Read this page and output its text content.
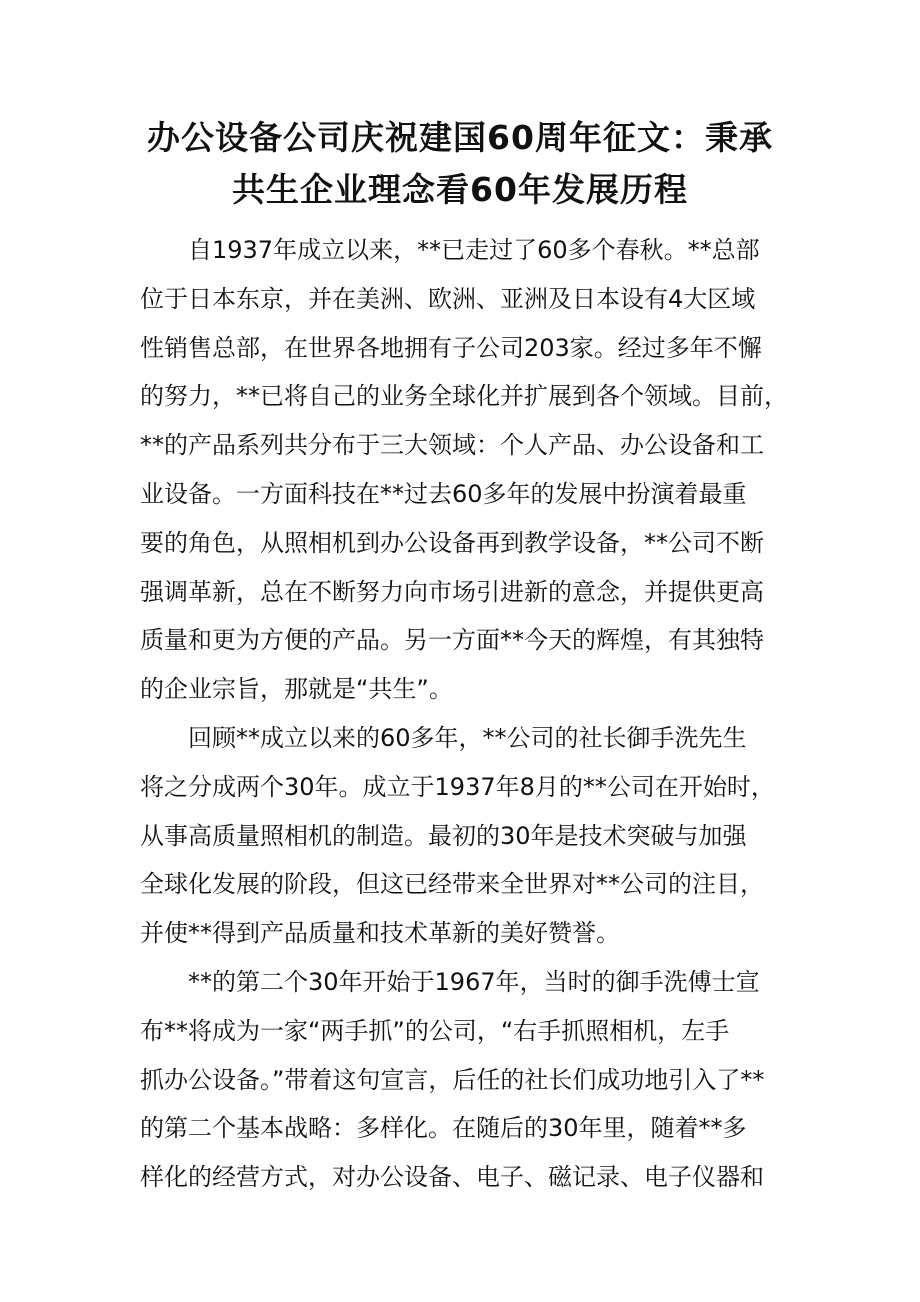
办公设备公司庆祝建国60周年征文：秉承
共生企业理念看60年发展历程

自1937年成立以来，**已走过了60多个春秋。**总部
位于日本东京，并在美洲、欧洲、亚洲及日本设有4大区域
性销售总部，在世界各地拥有子公司203家。经过多年不懈
的努力，**已将自己的业务全球化并扩展到各个领域。目前，
**的产品系列共分布于三大领域：个人产品、办公设备和工
业设备。一方面科技在**过去60多年的发展中扮演着最重
要的角色，从照相机到办公设备再到教学设备，**公司不断
强调革新，总在不断努力向市场引进新的意念，并提供更高
质量和更为方便的产品。另一方面**今天的辉煌，有其独特
的企业宗旨，那就是“共生”。

回顾**成立以来的60多年，**公司的社长御手洗先生
将之分成两个30年。成立于1937年8月的**公司在开始时，
从事高质量照相机的制造。最初的30年是技术突破与加强
全球化发展的阶段，但这已经带来全世界对**公司的注目，
并使**得到产品质量和技术革新的美好赞誉。

**的第二个30年开始于1967年，当时的御手洗傅士宣
布**将成为一家“两手抓”的公司，“右手抓照相机，左手
抓办公设备。”带着这句宣言，后任的社长们成功地引入了**
的第二个基本战略：多样化。在随后的30年里，随着**多
样化的经营方式，对办公设备、电子、磁记录、电子仪器和
